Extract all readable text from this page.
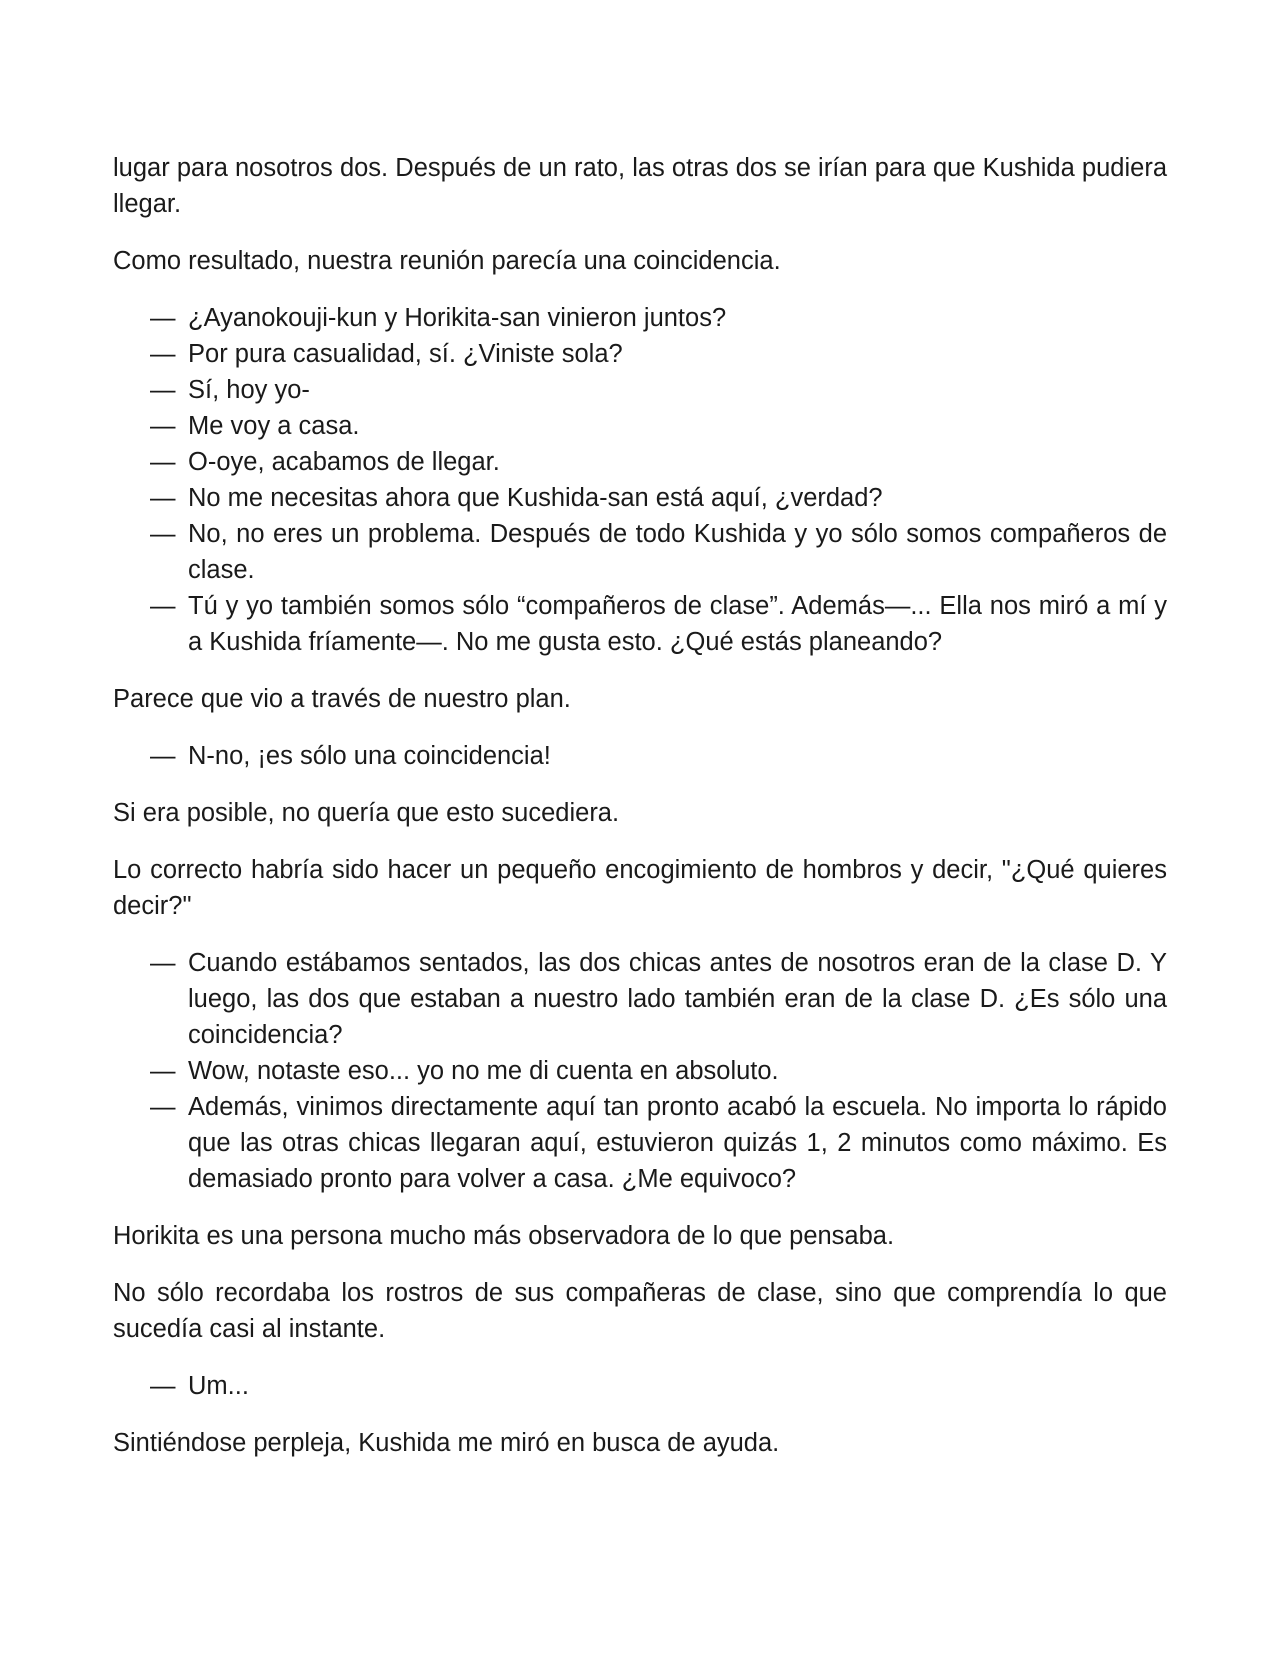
lugar para nosotros dos. Después de un rato, las otras dos se irían para que Kushida pudiera llegar.

Como resultado, nuestra reunión parecía una coincidencia.

— ¿Ayanokouji-kun y Horikita-san vinieron juntos?
— Por pura casualidad, sí. ¿Viniste sola?
— Sí, hoy yo-
— Me voy a casa.
— O-oye, acabamos de llegar.
— No me necesitas ahora que Kushida-san está aquí, ¿verdad?
— No, no eres un problema. Después de todo Kushida y yo sólo somos compañeros de clase.
— Tú y yo también somos sólo “compañeros de clase”. Además—... Ella nos miró a mí y a Kushida fríamente—. No me gusta esto. ¿Qué estás planeando?

Parece que vio a través de nuestro plan.

— N-no, ¡es sólo una coincidencia!

Si era posible, no quería que esto sucediera.

Lo correcto habría sido hacer un pequeño encogimiento de hombros y decir, "¿Qué quieres decir?"

— Cuando estábamos sentados, las dos chicas antes de nosotros eran de la clase D. Y luego, las dos que estaban a nuestro lado también eran de la clase D. ¿Es sólo una coincidencia?
— Wow, notaste eso... yo no me di cuenta en absoluto.
— Además, vinimos directamente aquí tan pronto acabó la escuela. No importa lo rápido que las otras chicas llegaran aquí, estuvieron quizás 1, 2 minutos como máximo. Es demasiado pronto para volver a casa. ¿Me equivoco?

Horikita es una persona mucho más observadora de lo que pensaba.

No sólo recordaba los rostros de sus compañeras de clase, sino que comprendía lo que sucedía casi al instante.

— Um...

Sintiéndose perpleja, Kushida me miró en busca de ayuda.
